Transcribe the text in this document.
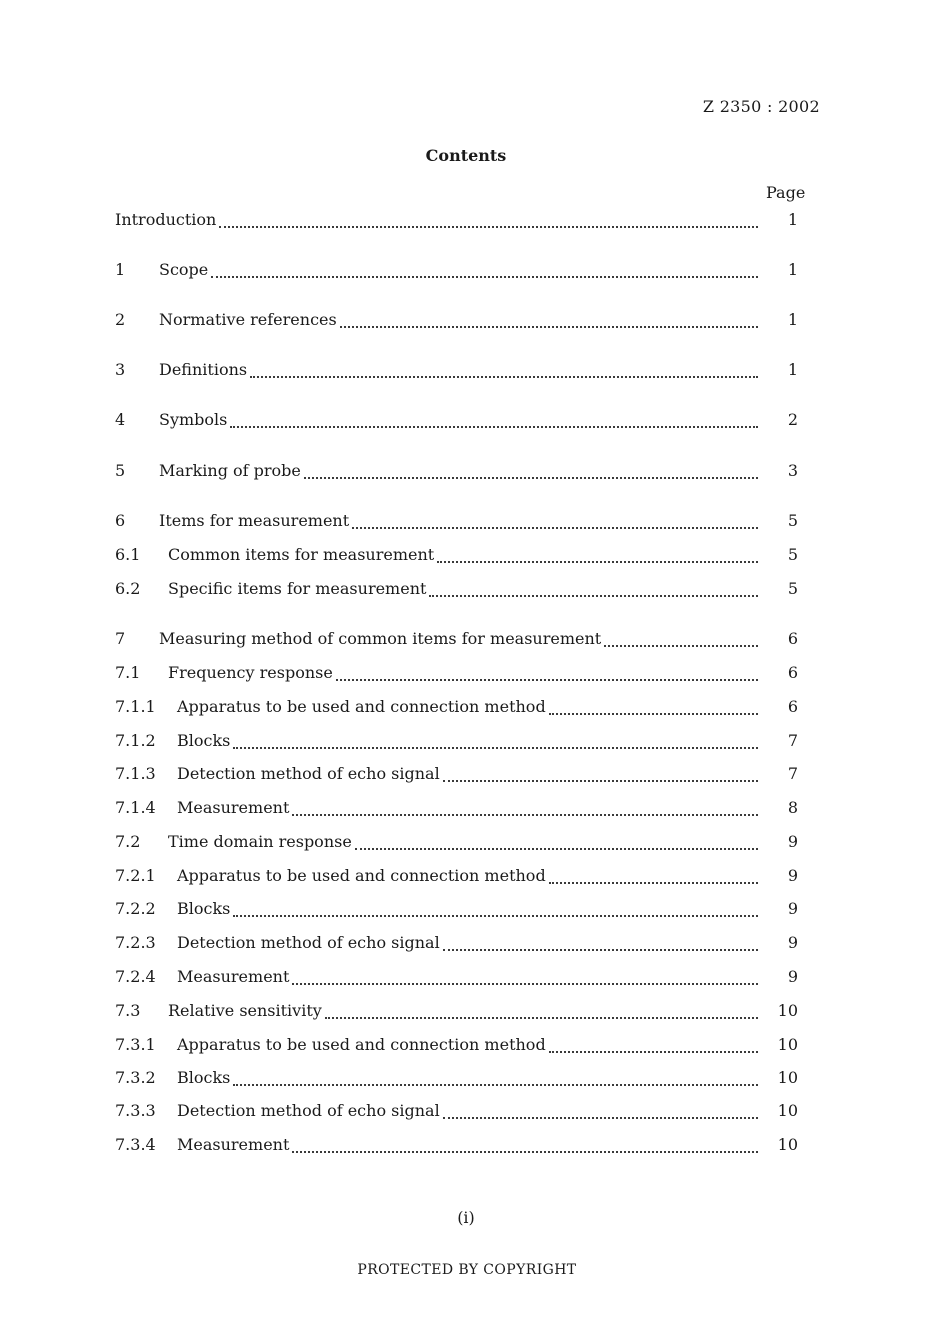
Z 2350 : 2002
Contents
Page
Introduction	1
1	Scope	1
2	Normative references	1
3	Definitions	1
4	Symbols	2
5	Marking of probe	3
6	Items for measurement	5
6.1	Common items for measurement	5
6.2	Specific items for measurement	5
7	Measuring method of common items for measurement	6
7.1	Frequency response	6
7.1.1	Apparatus to be used and connection method	6
7.1.2	Blocks	7
7.1.3	Detection method of echo signal	7
7.1.4	Measurement	8
7.2	Time domain response	9
7.2.1	Apparatus to be used and connection method	9
7.2.2	Blocks	9
7.2.3	Detection method of echo signal	9
7.2.4	Measurement	9
7.3	Relative sensitivity	10
7.3.1	Apparatus to be used and connection method	10
7.3.2	Blocks	10
7.3.3	Detection method of echo signal	10
7.3.4	Measurement	10
(i)
PROTECTED BY COPYRIGHT
